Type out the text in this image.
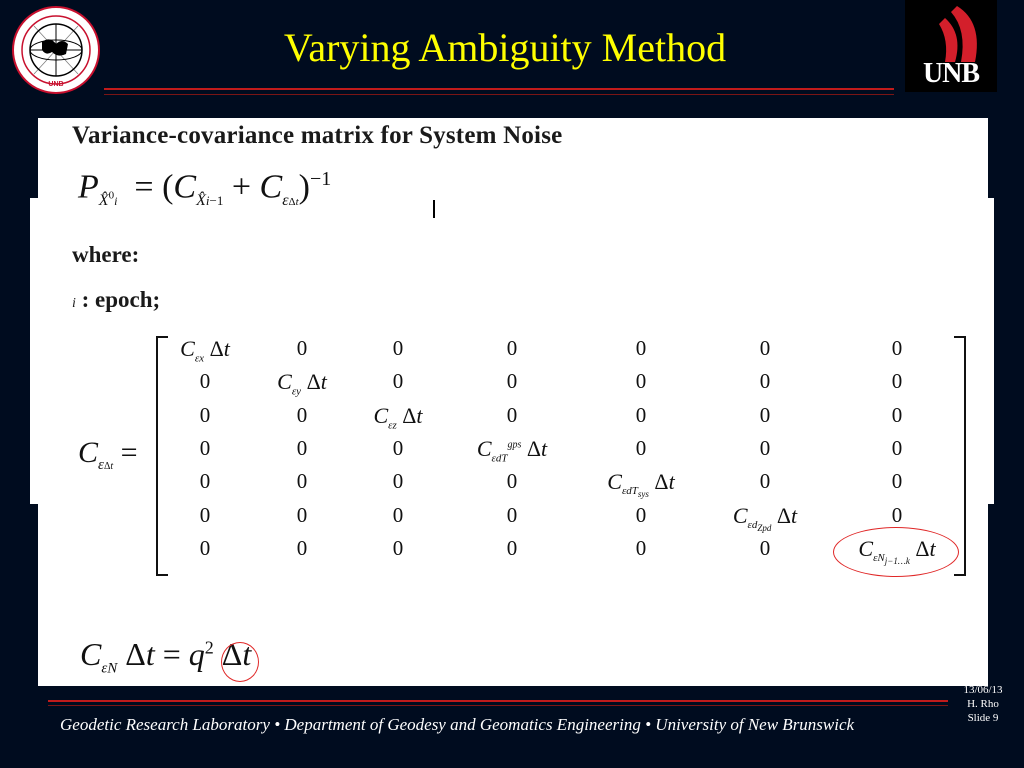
UNB	UNB
Varying Ambiguity Method
Variance-covariance matrix for System Noise
$P_{X̂^0i} = (C_{X̂i-1} + C_{\varepsilon\Delta t})^{-1}$
where:
i : epoch;
$C_{\varepsilon\Delta t}$ =
$C_{\varepsilon x}$ Δt	0	0	0	0	0	0
0	$C_{\varepsilon y}$ Δt	0	0	0	0	0
0	0	$C_{\varepsilon z}$ Δt	0	0	0	0
0	0	0	$C_{\varepsilon dT}^{gps}$ Δt	0	0	0
0	0	0	0	$C_{\varepsilon dT_{sys}}$ Δt	0	0
0	0	0	0	0	$C_{\varepsilon d_{Zpd}}$ Δt	0
0	0	0	0	0	0	$C_{\varepsilon N_{j-1\dots k}}$ Δt
$C_{\varepsilon N}$ $\Delta t = q^2$ Δt
Geodetic Research Laboratory • Department of Geodesy and Geomatics Engineering • University of New Brunswick
13/06/13
H. Rho
Slide 9
